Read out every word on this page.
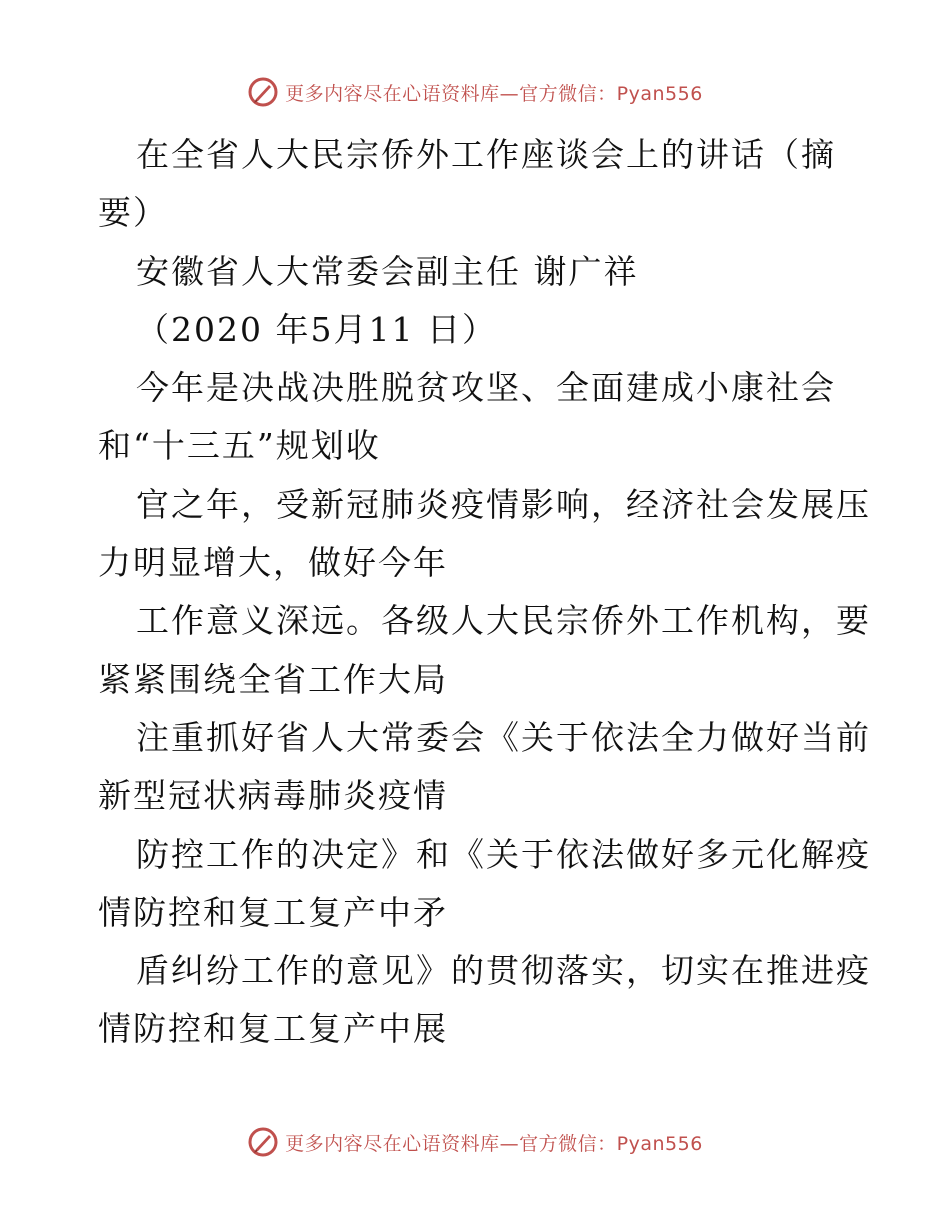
更多内容尽在心语资料库—官方微信：Pyan556
在全省人大民宗侨外工作座谈会上的讲话（摘
要）
安徽省人大常委会副主任 谢广祥
（2020 年5月11 日）
今年是决战决胜脱贫攻坚、全面建成小康社会
和“十三五”规划收
官之年，受新冠肺炎疫情影响，经济社会发展压
力明显增大，做好今年
工作意义深远。各级人大民宗侨外工作机构，要
紧紧围绕全省工作大局
注重抓好省人大常委会《关于依法全力做好当前
新型冠状病毒肺炎疫情
防控工作的决定》和《关于依法做好多元化解疫
情防控和复工复产中矛
盾纠纷工作的意见》的贯彻落实，切实在推进疫
情防控和复工复产中展
更多内容尽在心语资料库—官方微信：Pyan556
